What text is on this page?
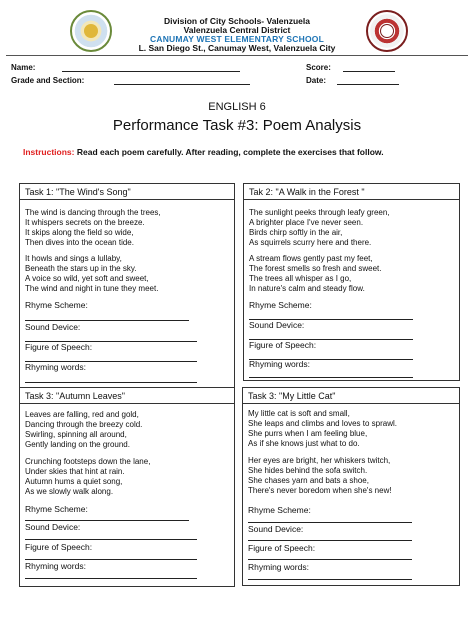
Division of City Schools- Valenzuela
Valenzuela Central District
CANUMAY WEST ELEMENTARY SCHOOL
L. San Diego St., Canumay West, Valenzuela City
Name:	Score:
Grade and Section:	Date:
ENGLISH 6
Performance Task #3: Poem Analysis
Instructions: Read each poem carefully. After reading, complete the exercises that follow.
Task 1: "The Wind's Song"
The wind is dancing through the trees,
It whispers secrets on the breeze.
It skips along the field so wide,
Then dives into the ocean tide.
It howls and sings a lullaby,
Beneath the stars up in the sky.
A voice so wild, yet soft and sweet,
The wind and night in tune they meet.
Rhyme Scheme:
Sound Device:
Figure of Speech:
Rhyming words:
Tak 2: "A Walk in the Forest "
The sunlight peeks through leafy green,
A brighter place I've never seen.
Birds chirp softly in the air,
As squirrels scurry here and there.
A stream flows gently past my feet,
The forest smells so fresh and sweet.
The trees all whisper as I go,
In nature's calm and steady flow.
Rhyme Scheme:
Sound Device:
Figure of Speech:
Rhyming words:
Task 3: "Autumn Leaves"
Leaves are falling, red and gold,
Dancing through the breezy cold.
Swirling, spinning all around,
Gently landing on the ground.
Crunching footsteps down the lane,
Under skies that hint at rain.
Autumn hums a quiet song,
As we slowly walk along.
Rhyme Scheme:
Sound Device:
Figure of Speech:
Rhyming words:
Task 3: "My Little Cat"
My little cat is soft and small,
She leaps and climbs and loves to sprawl.
She purrs when I am feeling blue,
As if she knows just what to do.
Her eyes are bright, her whiskers twitch,
She hides behind the sofa switch.
She chases yarn and bats a shoe,
There's never boredom when she's new!
Rhyme Scheme:
Sound Device:
Figure of Speech:
Rhyming words:
